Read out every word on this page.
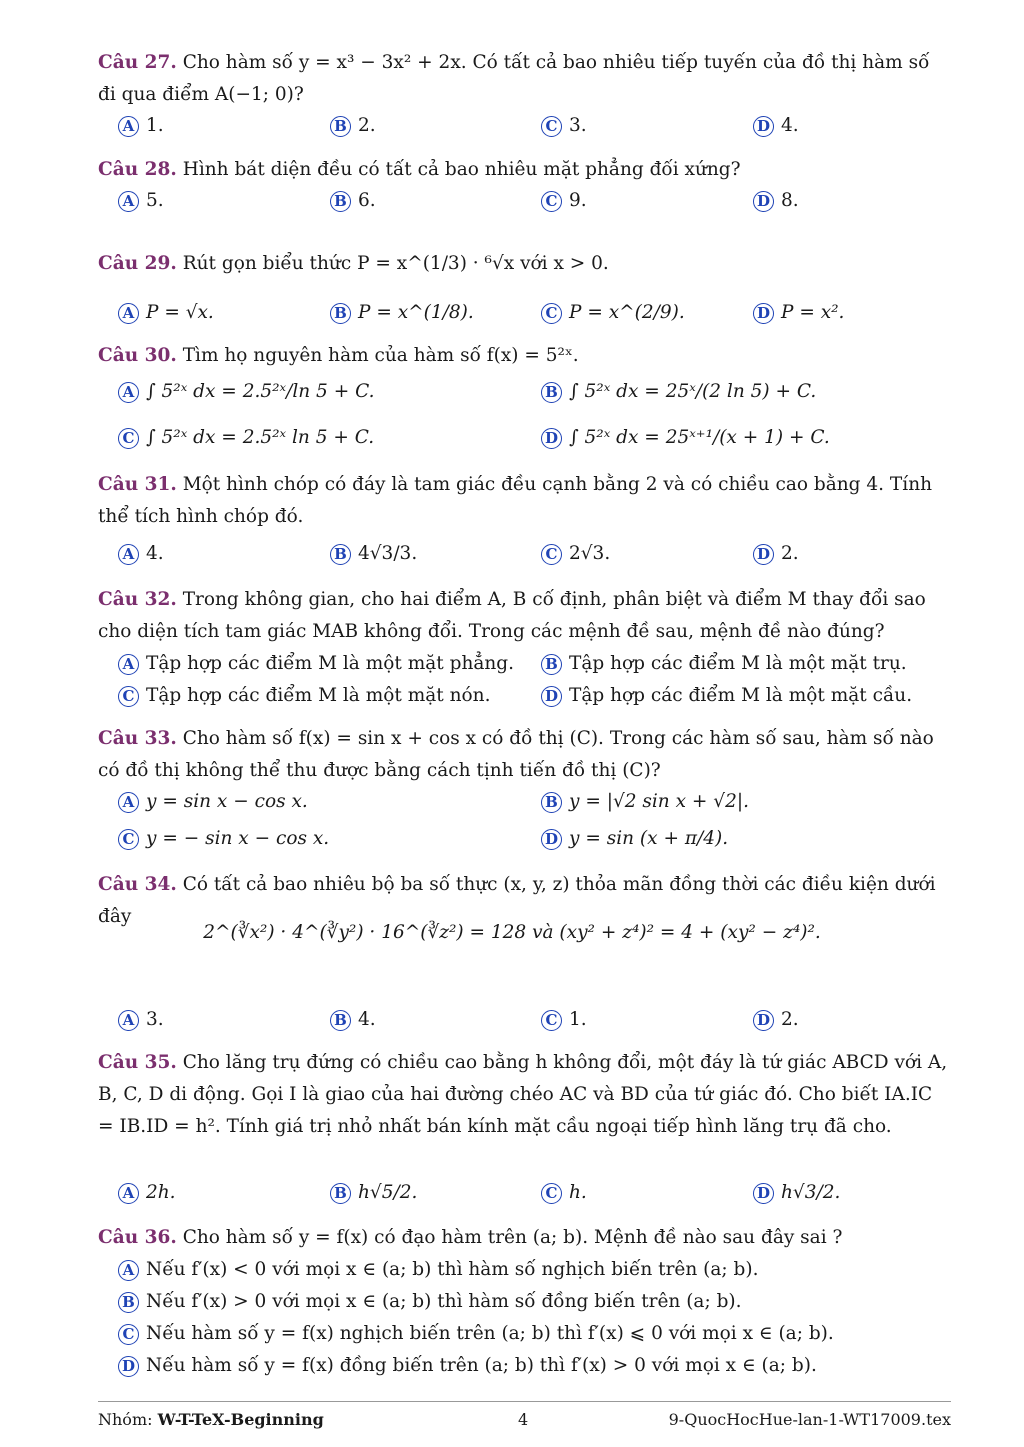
Câu 27. Cho hàm số y = x³ − 3x² + 2x. Có tất cả bao nhiêu tiếp tuyến của đồ thị hàm số đi qua điểm A(−1; 0)?
A 1.	B 2.	C 3.	D 4.
Câu 28. Hình bát diện đều có tất cả bao nhiêu mặt phẳng đối xứng?
A 5.	B 6.	C 9.	D 8.
Câu 29. Rút gọn biểu thức P = x^(1/3) · ⁶√x với x > 0.
A P = √x.	B P = x^(1/8).	C P = x^(2/9).	D P = x².
Câu 30. Tìm họ nguyên hàm của hàm số f(x) = 5²ˣ.
A ∫ 5²ˣ dx = 2.5²ˣ/ln 5 + C.	B ∫ 5²ˣ dx = 25ˣ/(2 ln 5) + C.
C ∫ 5²ˣ dx = 2.5²ˣ ln 5 + C.	D ∫ 5²ˣ dx = 25ˣ⁺¹/(x + 1) + C.
Câu 31. Một hình chóp có đáy là tam giác đều cạnh bằng 2 và có chiều cao bằng 4. Tính thể tích hình chóp đó.
A 4.	B 4√3/3.	C 2√3.	D 2.
Câu 32. Trong không gian, cho hai điểm A, B cố định, phân biệt và điểm M thay đổi sao cho diện tích tam giác MAB không đổi. Trong các mệnh đề sau, mệnh đề nào đúng?
A Tập hợp các điểm M là một mặt phẳng. B Tập hợp các điểm M là một mặt trụ.
C Tập hợp các điểm M là một mặt nón.	D Tập hợp các điểm M là một mặt cầu.
Câu 33. Cho hàm số f(x) = sin x + cos x có đồ thị (C). Trong các hàm số sau, hàm số nào có đồ thị không thể thu được bằng cách tịnh tiến đồ thị (C)?
A y = sin x − cos x.	B y = |√2 sin x + √2|.
C y = − sin x − cos x.	D y = sin (x + π/4).
Câu 34. Có tất cả bao nhiêu bộ ba số thực (x, y, z) thỏa mãn đồng thời các điều kiện dưới đây
2^(∛x²) · 4^(∛y²) · 16^(∛z²) = 128 và (xy² + z⁴)² = 4 + (xy² − z⁴)².
A 3.	B 4.	C 1.	D 2.
Câu 35. Cho lăng trụ đứng có chiều cao bằng h không đổi, một đáy là tứ giác ABCD với A, B, C, D di động. Gọi I là giao của hai đường chéo AC và BD của tứ giác đó. Cho biết IA.IC = IB.ID = h². Tính giá trị nhỏ nhất bán kính mặt cầu ngoại tiếp hình lăng trụ đã cho.
A 2h.	B h√5/2.	C h.	D h√3/2.
Câu 36. Cho hàm số y = f(x) có đạo hàm trên (a; b). Mệnh đề nào sau đây sai ?
A Nếu f′(x) < 0 với mọi x ∈ (a; b) thì hàm số nghịch biến trên (a; b).
B Nếu f′(x) > 0 với mọi x ∈ (a; b) thì hàm số đồng biến trên (a; b).
C Nếu hàm số y = f(x) nghịch biến trên (a; b) thì f′(x) ⩽ 0 với mọi x ∈ (a; b).
D Nếu hàm số y = f(x) đồng biến trên (a; b) thì f′(x) > 0 với mọi x ∈ (a; b).
Nhóm: W-T-TeX-Beginning	4	9-QuocHocHue-lan-1-WT17009.tex
